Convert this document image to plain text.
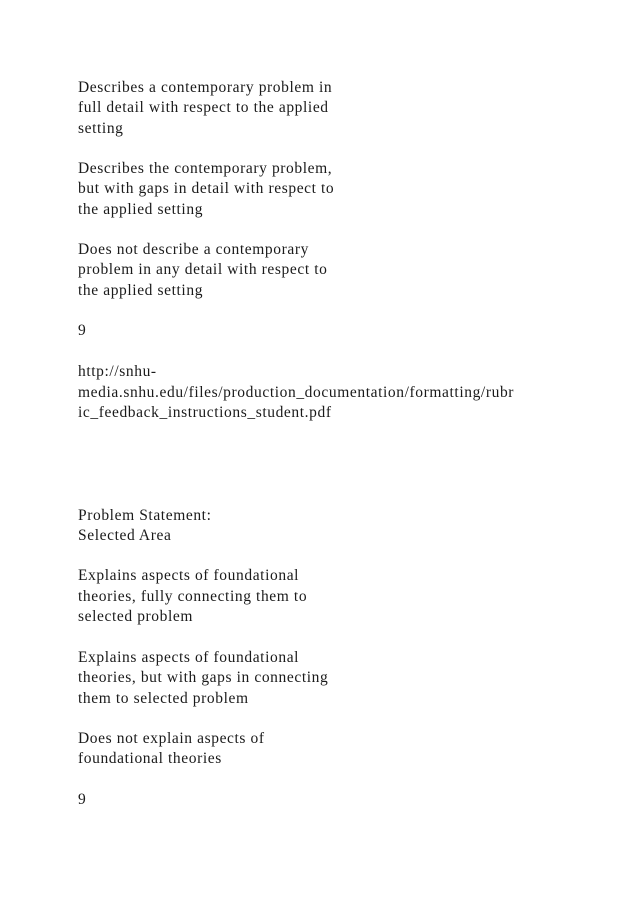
Describes a contemporary problem in
full detail with respect to the applied
setting
Describes the contemporary problem,
but with gaps in detail with respect to
the applied setting
Does not describe a contemporary
problem in any detail with respect to
the applied setting
9
http://snhu-
media.snhu.edu/files/production_documentation/formatting/rubr
ic_feedback_instructions_student.pdf
Problem Statement:
Selected Area
Explains aspects of foundational
theories, fully connecting them to
selected problem
Explains aspects of foundational
theories, but with gaps in connecting
them to selected problem
Does not explain aspects of
foundational theories
9
